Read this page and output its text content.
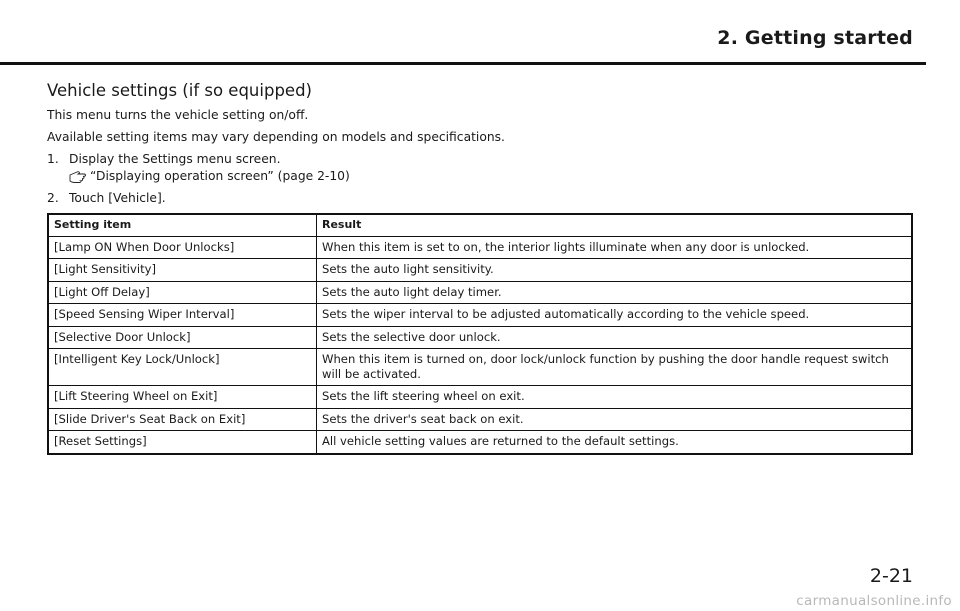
2. Getting started
Vehicle settings (if so equipped)

This menu turns the vehicle setting on/off.

Available setting items may vary depending on models and specifications.

1. Display the Settings menu screen.
“Displaying operation screen” (page 2-10)
2. Touch [Vehicle].
Setting item	Result
[Lamp ON When Door Unlocks]	When this item is set to on, the interior lights illuminate when any door is unlocked.
[Light Sensitivity]	Sets the auto light sensitivity.
[Light Off Delay]	Sets the auto light delay timer.
[Speed Sensing Wiper Interval]	Sets the wiper interval to be adjusted automatically according to the vehicle speed.
[Selective Door Unlock]	Sets the selective door unlock.
[Intelligent Key Lock/Unlock]	When this item is turned on, door lock/unlock function by pushing the door handle request switch will be activated.
[Lift Steering Wheel on Exit]	Sets the lift steering wheel on exit.
[Slide Driver's Seat Back on Exit]	Sets the driver's seat back on exit.
[Reset Settings]	All vehicle setting values are returned to the default settings.
2-21
carmanualsonline.info
